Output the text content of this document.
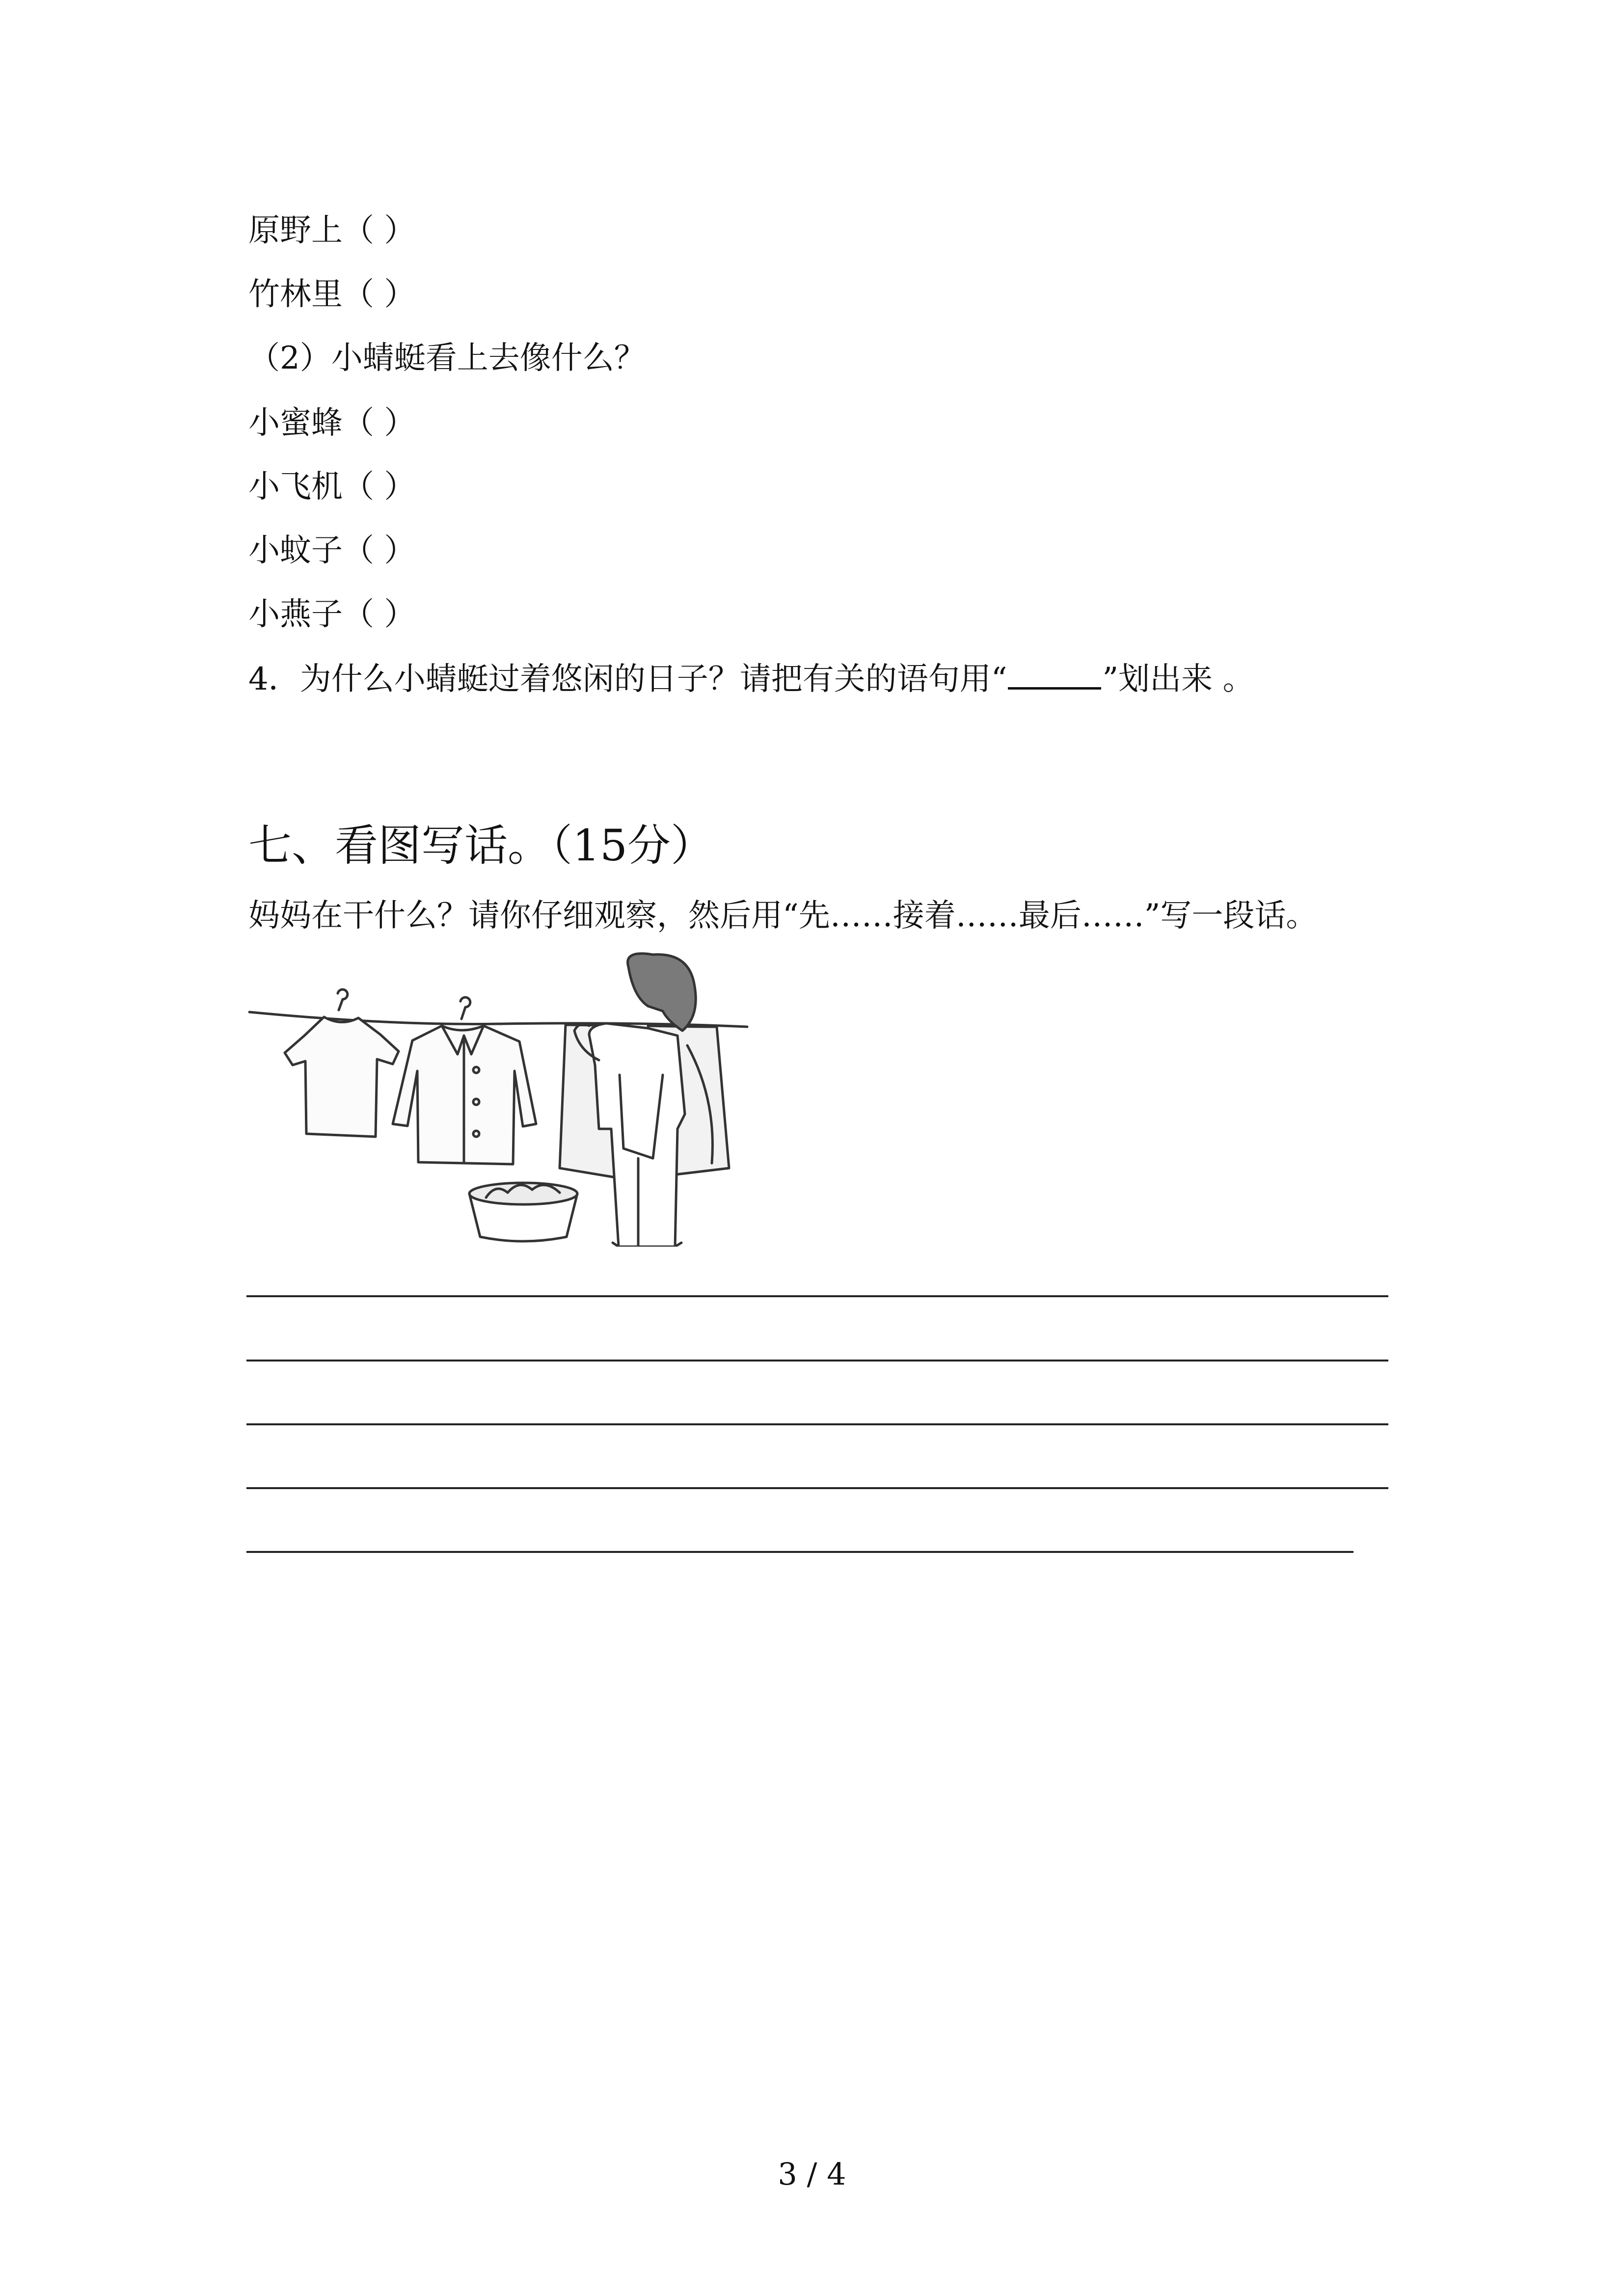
原野上（ ）

竹林里（ ）

（2）小蜻蜓看上去像什么？

小蜜蜂（ ）

小飞机（ ）

小蚊子（ ）

小燕子（ ）

4．为什么小蜻蜓过着悠闲的日子？请把有关的语句用“	”划出来 。

七、看图写话。（15分）

妈妈在干什么？请你仔细观察，然后用“先……接着……最后……”写一段话。

3 / 4
